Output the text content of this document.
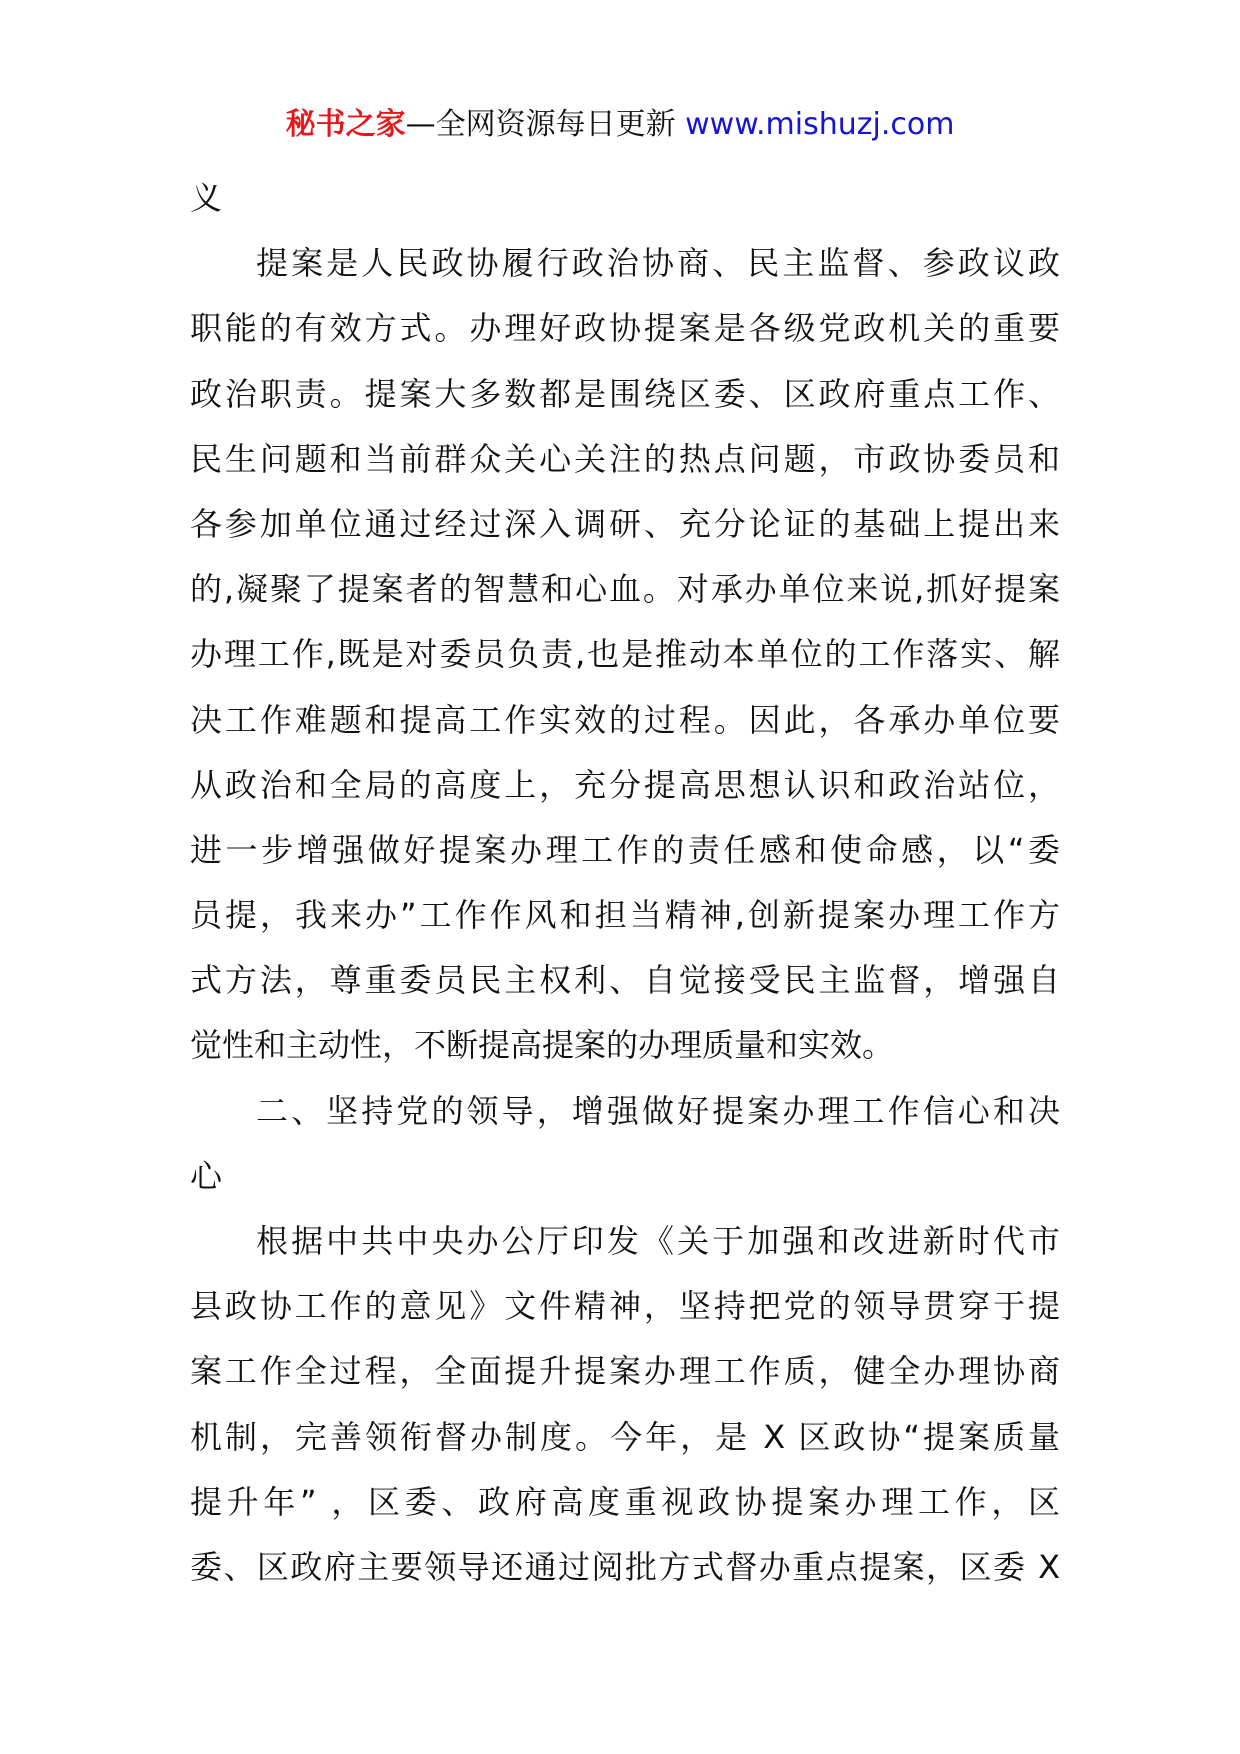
秘书之家—全网资源每日更新 www.mishuzj.com
义
提案是人民政协履行政治协商、民主监督、参政议政
职能的有效方式。办理好政协提案是各级党政机关的重要
政治职责。提案大多数都是围绕区委、区政府重点工作、
民生问题和当前群众关心关注的热点问题，市政协委员和
各参加单位通过经过深入调研、充分论证的基础上提出来
的,凝聚了提案者的智慧和心血。对承办单位来说,抓好提案
办理工作,既是对委员负责,也是推动本单位的工作落实、解
决工作难题和提高工作实效的过程。因此，各承办单位要
从政治和全局的高度上，充分提高思想认识和政治站位，
进一步增强做好提案办理工作的责任感和使命感，以“委
员提，我来办”工作作风和担当精神,创新提案办理工作方
式方法，尊重委员民主权利、自觉接受民主监督，增强自
觉性和主动性，不断提高提案的办理质量和实效。
二、坚持党的领导，增强做好提案办理工作信心和决
心
根据中共中央办公厅印发《关于加强和改进新时代市
县政协工作的意见》文件精神，坚持把党的领导贯穿于提
案工作全过程，全面提升提案办理工作质，健全办理协商
机制，完善领衔督办制度。今年，是 X 区政协“提案质量
提升年” ，区委、政府高度重视政协提案办理工作，区
委、区政府主要领导还通过阅批方式督办重点提案，区委 X
